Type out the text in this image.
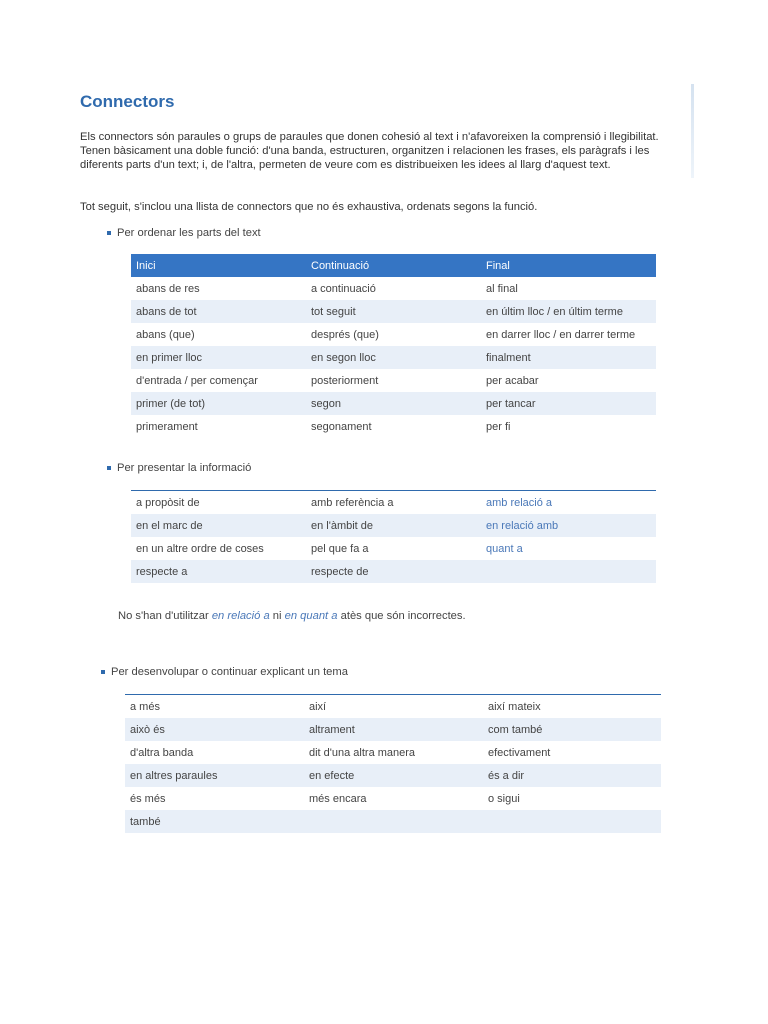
Connectors

Els connectors són paraules o grups de paraules que donen cohesió al text i n'afavoreixen la comprensió i llegibilitat. Tenen bàsicament una doble funció: d'una banda, estructuren, organitzen i relacionen les frases, els paràgrafs i les diferents parts d'un text; i, de l'altra, permeten de veure com es distribueixen les idees al llarg d'aquest text.

Tot seguit, s'inclou una llista de connectors que no és exhaustiva, ordenats segons la funció.

Per ordenar les parts del text
Inici	Continuació	Final
abans de res	a continuació	al final
abans de tot	tot seguit	en últim lloc / en últim terme
abans (que)	després (que)	en darrer lloc / en darrer terme
en primer lloc	en segon lloc	finalment
d'entrada / per començar	posteriorment	per acabar
primer (de tot)	segon	per tancar
primerament	segonament	per fi
Per presentar la informació
a propòsit de	amb referència a	amb relació a
en el marc de	en l'àmbit de	en relació amb
en un altre ordre de coses	pel que fa a	quant a
respecte a	respecte de	

No s'han d'utilitzar en relació a ni en quant a atès que són incorrectes.

Per desenvolupar o continuar explicant un tema
a més	així	així mateix
això és	altrament	com també
d'altra banda	dit d'una altra manera	efectivament
en altres paraules	en efecte	és a dir
és més	més encara	o sigui
també		
